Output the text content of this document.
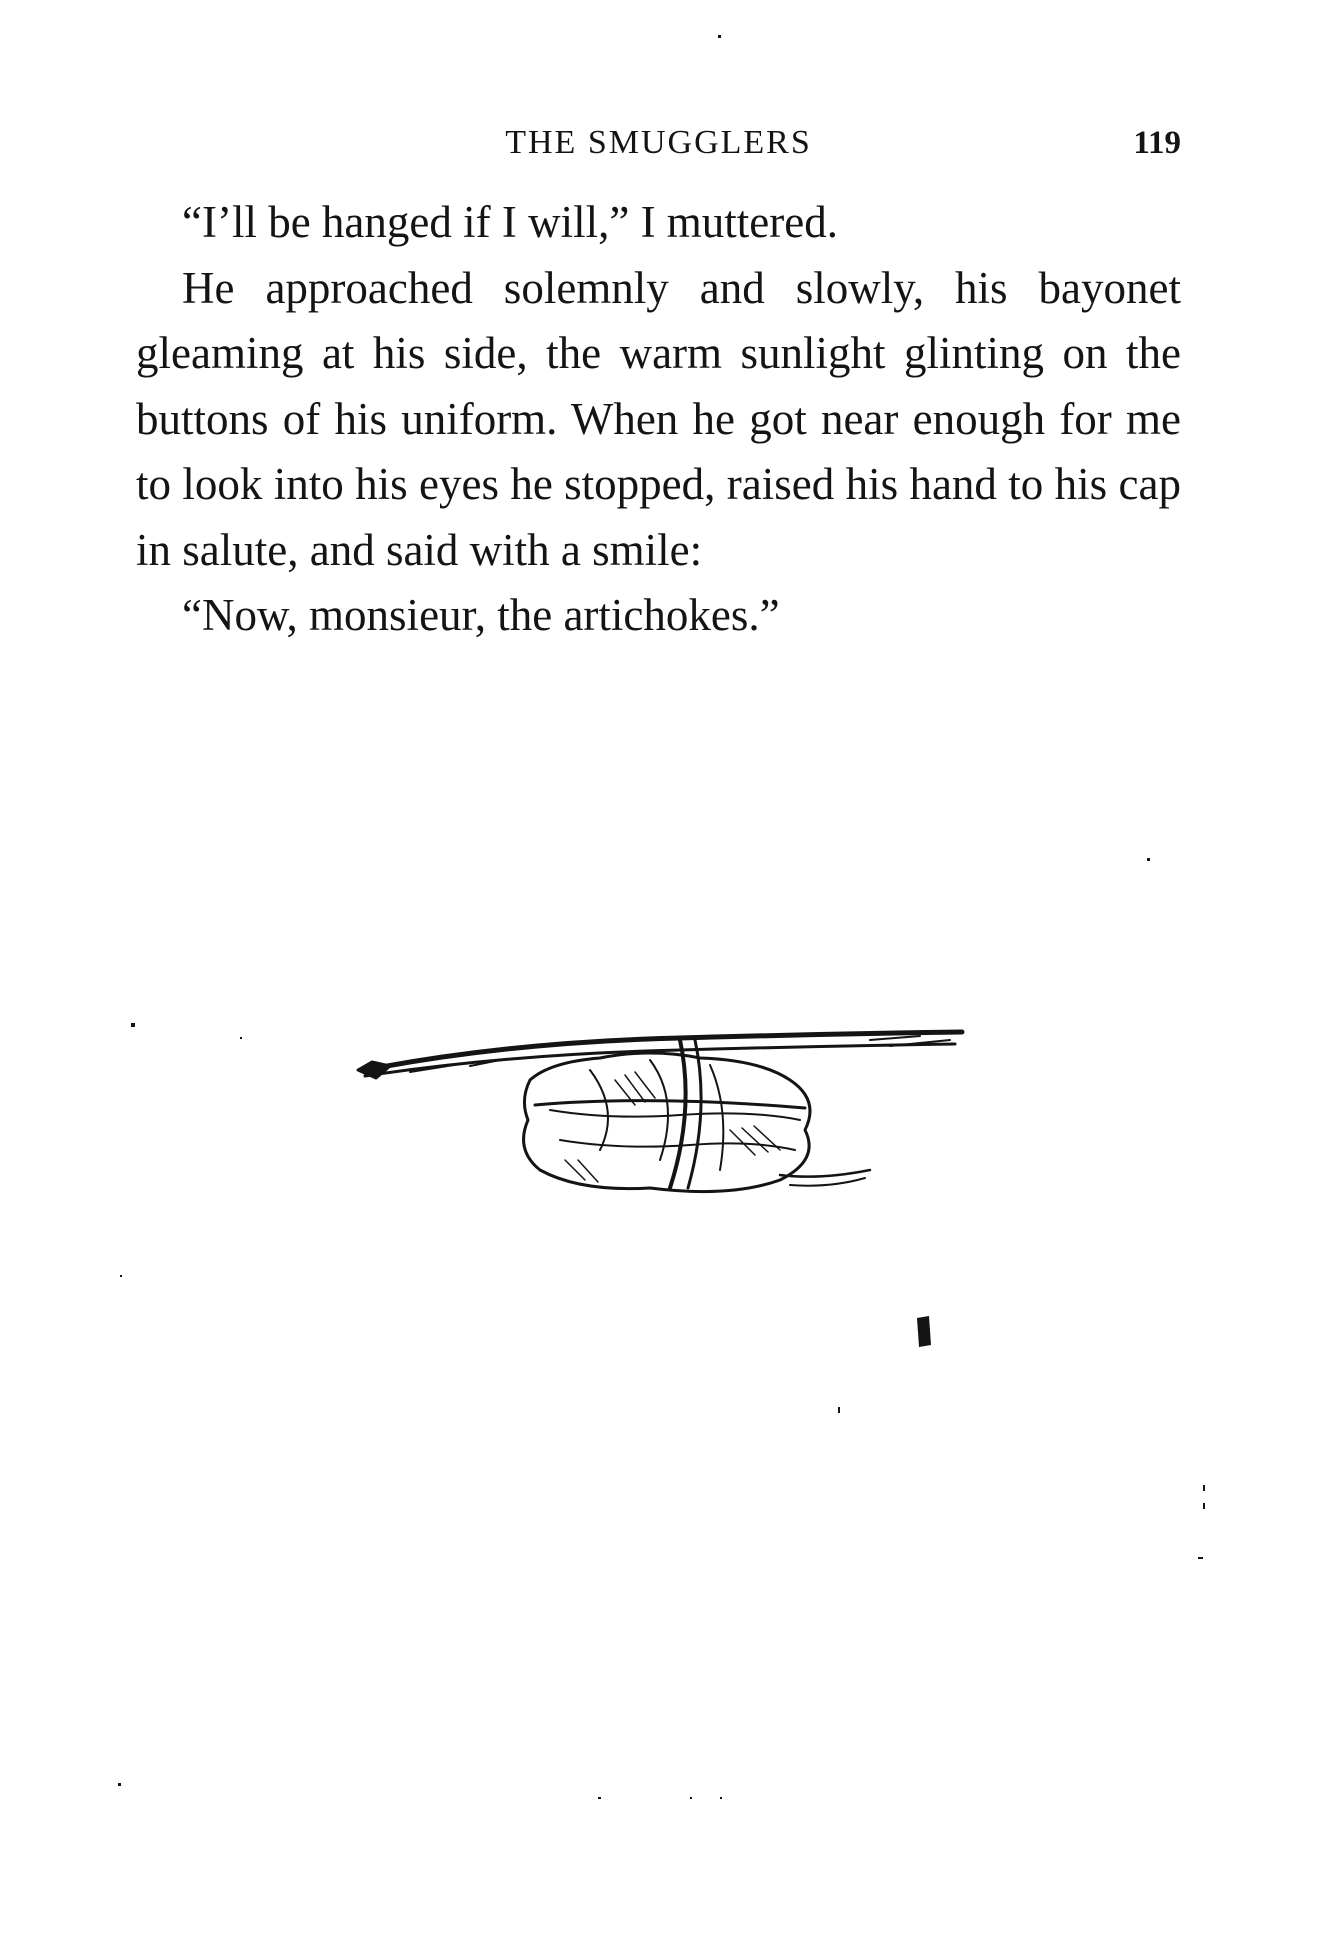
THE SMUGGLERS	119

“I’ll be hanged if I will,” I muttered.

He approached solemnly and slowly, his bayonet gleaming at his side, the warm sunlight glinting on the buttons of his uniform. When he got near enough for me to look into his eyes he stopped, raised his hand to his cap in salute, and said with a smile:

“Now, monsieur, the artichokes.”
